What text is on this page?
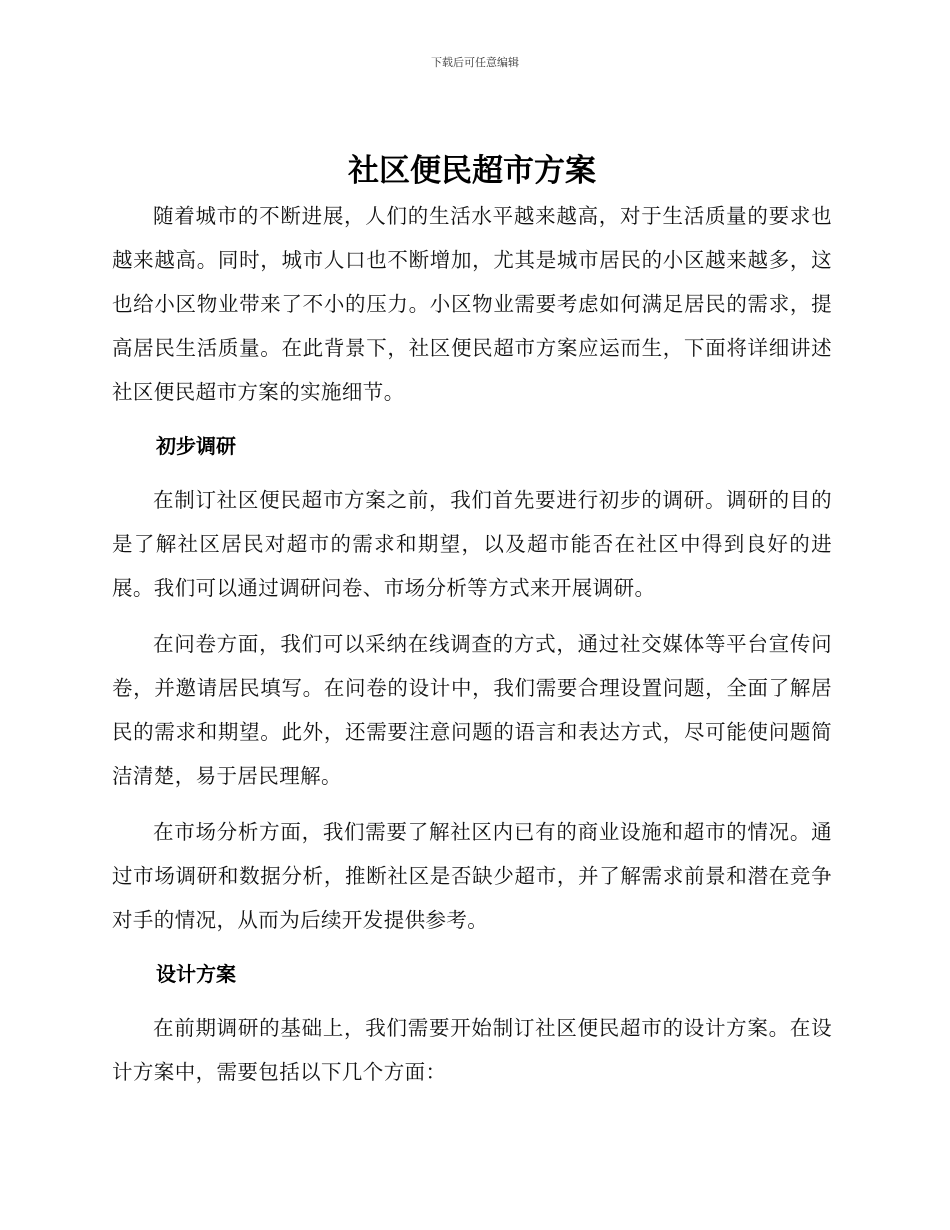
下载后可任意编辑
社区便民超市方案

随着城市的不断进展，人们的生活水平越来越高，对于生活质量的要求也越来越高。同时，城市人口也不断增加，尤其是城市居民的小区越来越多，这也给小区物业带来了不小的压力。小区物业需要考虑如何满足居民的需求，提高居民生活质量。在此背景下，社区便民超市方案应运而生，下面将详细讲述社区便民超市方案的实施细节。

初步调研

在制订社区便民超市方案之前，我们首先要进行初步的调研。调研的目的是了解社区居民对超市的需求和期望，以及超市能否在社区中得到良好的进展。我们可以通过调研问卷、市场分析等方式来开展调研。

在问卷方面，我们可以采纳在线调查的方式，通过社交媒体等平台宣传问卷，并邀请居民填写。在问卷的设计中，我们需要合理设置问题，全面了解居民的需求和期望。此外，还需要注意问题的语言和表达方式，尽可能使问题简洁清楚，易于居民理解。

在市场分析方面，我们需要了解社区内已有的商业设施和超市的情况。通过市场调研和数据分析，推断社区是否缺少超市，并了解需求前景和潜在竞争对手的情况，从而为后续开发提供参考。

设计方案

在前期调研的基础上，我们需要开始制订社区便民超市的设计方案。在设计方案中，需要包括以下几个方面：
